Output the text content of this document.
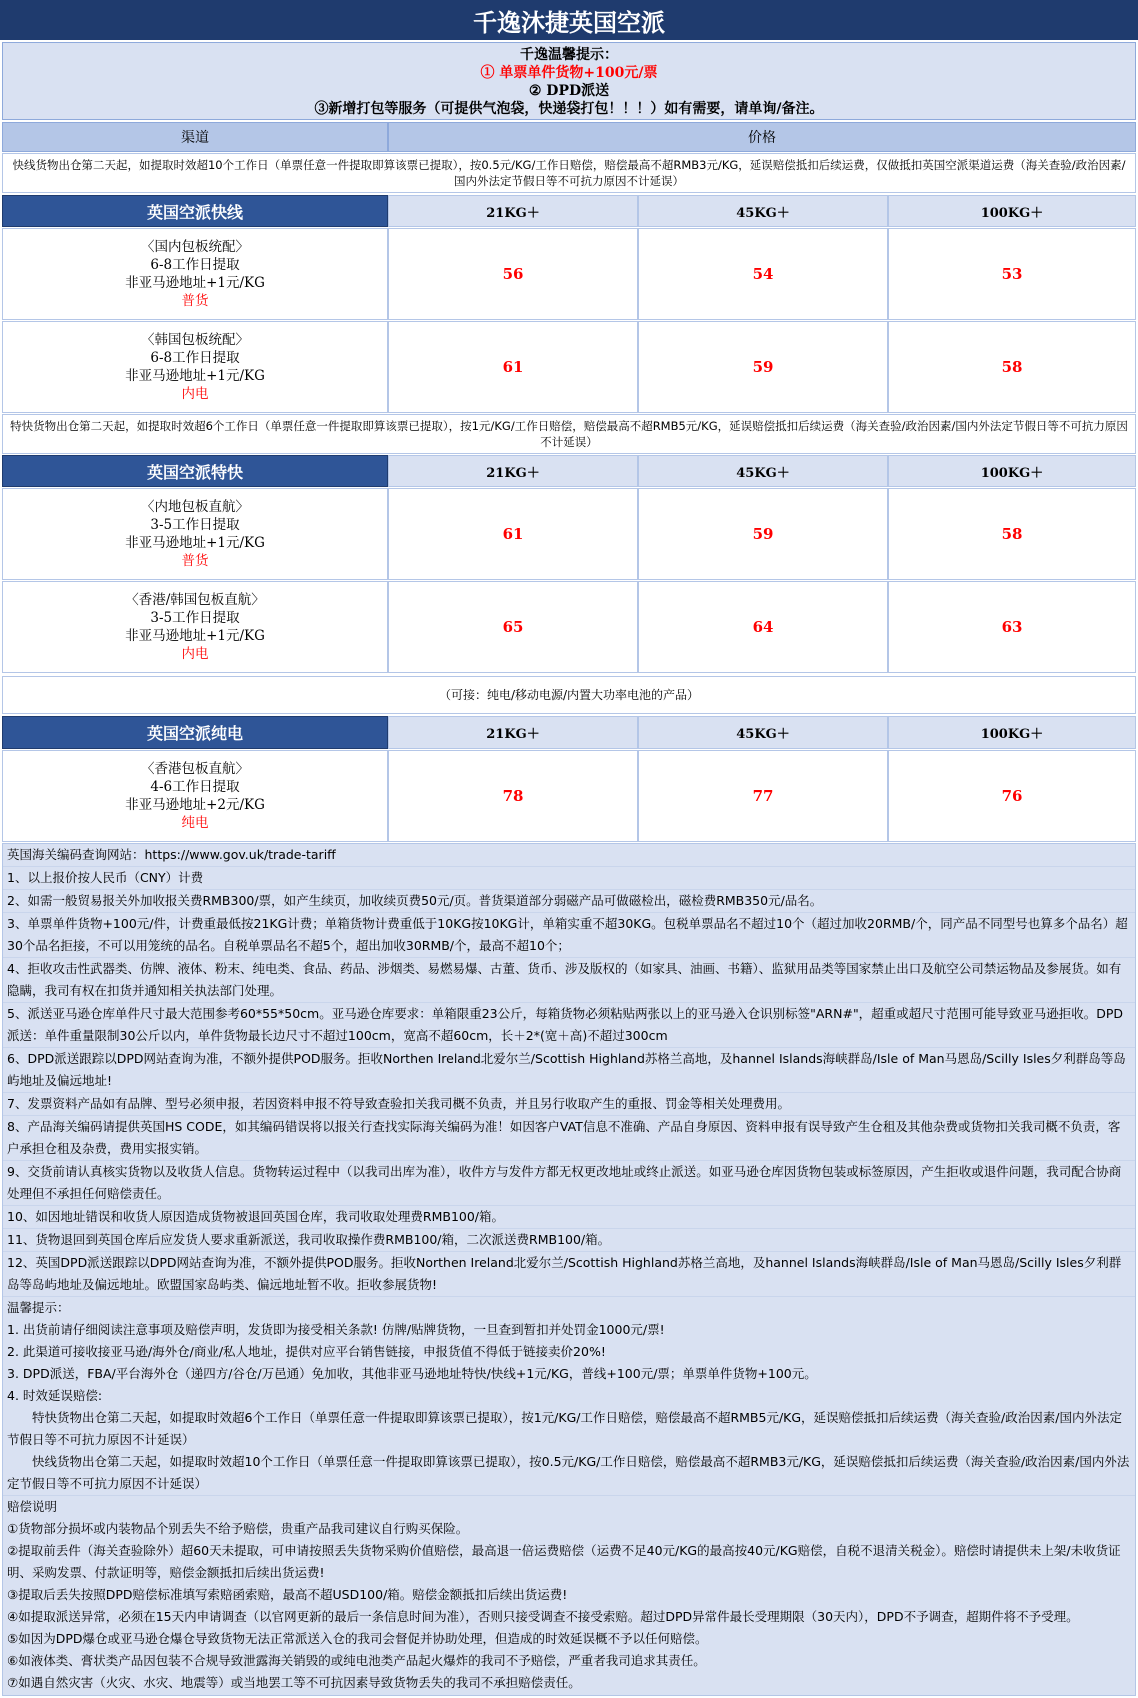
千逸沐捷英国空派
千逸温馨提示：
① 单票单件货物+100元/票
② DPD派送
③新增打包等服务（可提供气泡袋，快递袋打包！！！）如有需要，请单询/备注。
渠道	价格
快线货物出仓第二天起，如提取时效超10个工作日（单票任意一件提取即算该票已提取），按0.5元/KG/工作日赔偿，赔偿最高不超RMB3元/KG，延误赔偿抵扣后续运费，仅做抵扣英国空派渠道运费（海关查验/政治因素/国内外法定节假日等不可抗力原因不计延误）
英国空派快线	21KG＋	45KG＋	100KG＋
〈国内包板统配〉
6-8工作日提取
非亚马逊地址+1元/KG
普货
56	54	53
〈韩国包板统配〉
6-8工作日提取
非亚马逊地址+1元/KG
内电
61	59	58
特快货物出仓第二天起，如提取时效超6个工作日（单票任意一件提取即算该票已提取），按1元/KG/工作日赔偿，赔偿最高不超RMB5元/KG，延误赔偿抵扣后续运费（海关查验/政治因素/国内外法定节假日等不可抗力原因不计延误）
英国空派特快	21KG＋	45KG＋	100KG＋
〈内地包板直航〉
3-5工作日提取
非亚马逊地址+1元/KG
普货
61	59	58
〈香港/韩国包板直航〉
3-5工作日提取
非亚马逊地址+1元/KG
内电
65	64	63
（可接：纯电/移动电源/内置大功率电池的产品）
英国空派纯电	21KG＋	45KG＋	100KG＋
〈香港包板直航〉
4-6工作日提取
非亚马逊地址+2元/KG
纯电
78	77	76
英国海关编码查询网站：https://www.gov.uk/trade-tariff
1、以上报价按人民币（CNY）计费
2、如需一般贸易报关外加收报关费RMB300/票，如产生续页，加收续页费50元/页。普货渠道部分弱磁产品可做磁检出，磁检费RMB350元/品名。
3、单票单件货物+100元/件，计费重最低按21KG计费；单箱货物计费重低于10KG按10KG计，单箱实重不超30KG。包税单票品名不超过10个（超过加收20RMB/个，同产品不同型号也算多个品名）超30个品名拒接，不可以用笼统的品名。自税单票品名不超5个，超出加收30RMB/个，最高不超10个；
4、拒收攻击性武器类、仿牌、液体、粉末、纯电类、食品、药品、涉烟类、易燃易爆、古董、货币、涉及版权的（如家具、油画、书籍）、监狱用品类等国家禁止出口及航空公司禁运物品及参展货。如有隐瞒，我司有权在扣货并通知相关执法部门处理。
5、派送亚马逊仓库单件尺寸最大范围参考60*55*50cm。亚马逊仓库要求：单箱限重23公斤，每箱货物必须粘贴两张以上的亚马逊入仓识别标签"ARN#"，超重或超尺寸范围可能导致亚马逊拒收。DPD派送：单件重量限制30公斤以内，单件货物最长边尺寸不超过100cm，宽高不超60cm，长＋2*(宽＋高)不超过300cm
6、DPD派送跟踪以DPD网站查询为准，不额外提供POD服务。拒收Northen Ireland北爱尔兰/Scottish Highland苏格兰高地，及hannel Islands海峡群岛/Isle of Man马恩岛/Scilly Isles夕利群岛等岛屿地址及偏远地址!
7、发票资料产品如有品牌、型号必须申报，若因资料申报不符导致查验扣关我司概不负责，并且另行收取产生的重报、罚金等相关处理费用。
8、产品海关编码请提供英国HS CODE，如其编码错误将以报关行查找实际海关编码为准！如因客户VAT信息不准确、产品自身原因、资料申报有误导致产生仓租及其他杂费或货物扣关我司概不负责，客户承担仓租及杂费，费用实报实销。
9、交货前请认真核实货物以及收货人信息。货物转运过程中（以我司出库为准），收件方与发件方都无权更改地址或终止派送。如亚马逊仓库因货物包装或标签原因，产生拒收或退件问题，我司配合协商处理但不承担任何赔偿责任。
10、如因地址错误和收货人原因造成货物被退回英国仓库，我司收取处理费RMB100/箱。
11、货物退回到英国仓库后应发货人要求重新派送，我司收取操作费RMB100/箱，二次派送费RMB100/箱。
12、英国DPD派送跟踪以DPD网站查询为准，不额外提供POD服务。拒收Northen Ireland北爱尔兰/Scottish Highland苏格兰高地，及hannel Islands海峡群岛/Isle of Man马恩岛/Scilly Isles夕利群岛等岛屿地址及偏远地址。欧盟国家岛屿类、偏远地址暂不收。拒收参展货物!
温馨提示：
1. 出货前请仔细阅读注意事项及赔偿声明，发货即为接受相关条款! 仿牌/贴牌货物，一旦查到暂扣并处罚金1000元/票!
2. 此渠道可接收接亚马逊/海外仓/商业/私人地址，提供对应平台销售链接，申报货值不得低于链接卖价20%!
3. DPD派送，FBA/平台海外仓（递四方/谷仓/万邑通）免加收，其他非亚马逊地址特快/快线+1元/KG，普线+100元/票；单票单件货物+100元。
4. 时效延误赔偿:
特快货物出仓第二天起，如提取时效超6个工作日（单票任意一件提取即算该票已提取），按1元/KG/工作日赔偿，赔偿最高不超RMB5元/KG，延误赔偿抵扣后续运费（海关查验/政治因素/国内外法定节假日等不可抗力原因不计延误）
快线货物出仓第二天起，如提取时效超10个工作日（单票任意一件提取即算该票已提取），按0.5元/KG/工作日赔偿，赔偿最高不超RMB3元/KG，延误赔偿抵扣后续运费（海关查验/政治因素/国内外法定节假日等不可抗力原因不计延误）
赔偿说明
①货物部分损坏或内装物品个别丢失不给予赔偿，贵重产品我司建议自行购买保险。
②提取前丢件（海关查验除外）超60天未提取，可申请按照丢失货物采购价值赔偿，最高退一倍运费赔偿（运费不足40元/KG的最高按40元/KG赔偿，自税不退清关税金）。赔偿时请提供未上架/未收货证明、采购发票、付款证明等，赔偿金额抵扣后续出货运费!
③提取后丢失按照DPD赔偿标准填写索赔函索赔，最高不超USD100/箱。赔偿金额抵扣后续出货运费!
④如提取派送异常，必须在15天内申请调查（以官网更新的最后一条信息时间为准），否则只接受调查不接受索赔。超过DPD异常件最长受理期限（30天内），DPD不予调查，超期件将不予受理。
⑤如因为DPD爆仓或亚马逊仓爆仓导致货物无法正常派送入仓的我司会督促并协助处理，但造成的时效延误概不予以任何赔偿。
⑥如液体类、膏状类产品因包装不合规导致泄露海关销毁的或纯电池类产品起火爆炸的我司不予赔偿，严重者我司追求其责任。
⑦如遇自然灾害（火灾、水灾、地震等）或当地罢工等不可抗因素导致货物丢失的我司不承担赔偿责任。
